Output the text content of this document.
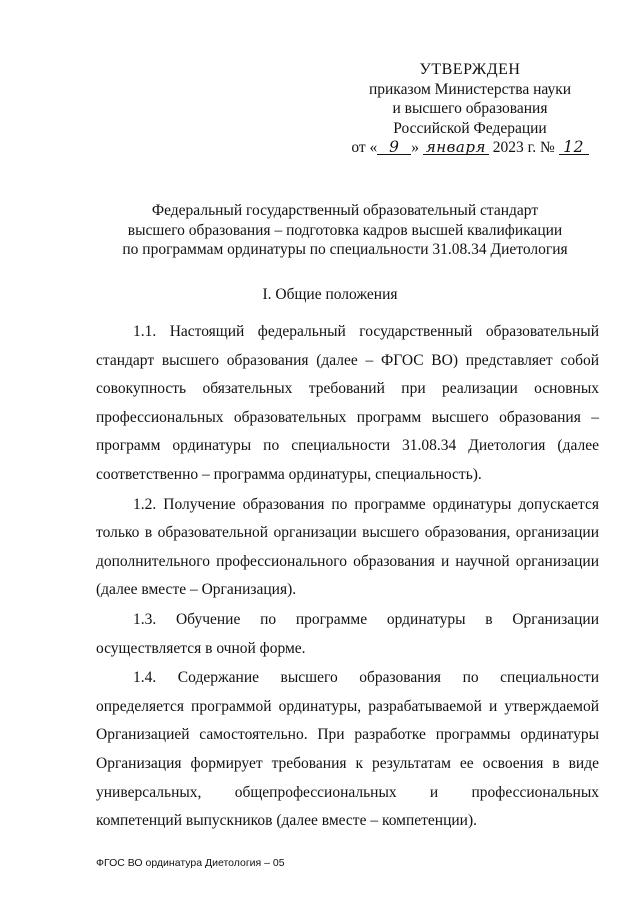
УТВЕРЖДЕН
приказом Министерства науки
и высшего образования
Российской Федерации
от « 9 » января 2023 г. № 12
Федеральный государственный образовательный стандарт
высшего образования – подготовка кадров высшей квалификации
по программам ординатуры по специальности 31.08.34 Диетология
I. Общие положения

1.1. Настоящий федеральный государственный образовательный стандарт высшего образования (далее – ФГОС ВО) представляет собой совокупность обязательных требований при реализации основных профессиональных образовательных программ высшего образования – программ ординатуры по специальности 31.08.34 Диетология (далее соответственно – программа ординатуры, специальность).

1.2. Получение образования по программе ординатуры допускается только в образовательной организации высшего образования, организации дополнительного профессионального образования и научной организации (далее вместе – Организация).

1.3. Обучение по программе ординатуры в Организации осуществляется в очной форме.

1.4. Содержание высшего образования по специальности определяется программой ординатуры, разрабатываемой и утверждаемой Организацией самостоятельно. При разработке программы ординатуры Организация формирует требования к результатам ее освоения в виде универсальных, общепрофессиональных и профессиональных компетенций выпускников (далее вместе – компетенции).

ФГОС ВО ординатура Диетология – 05
